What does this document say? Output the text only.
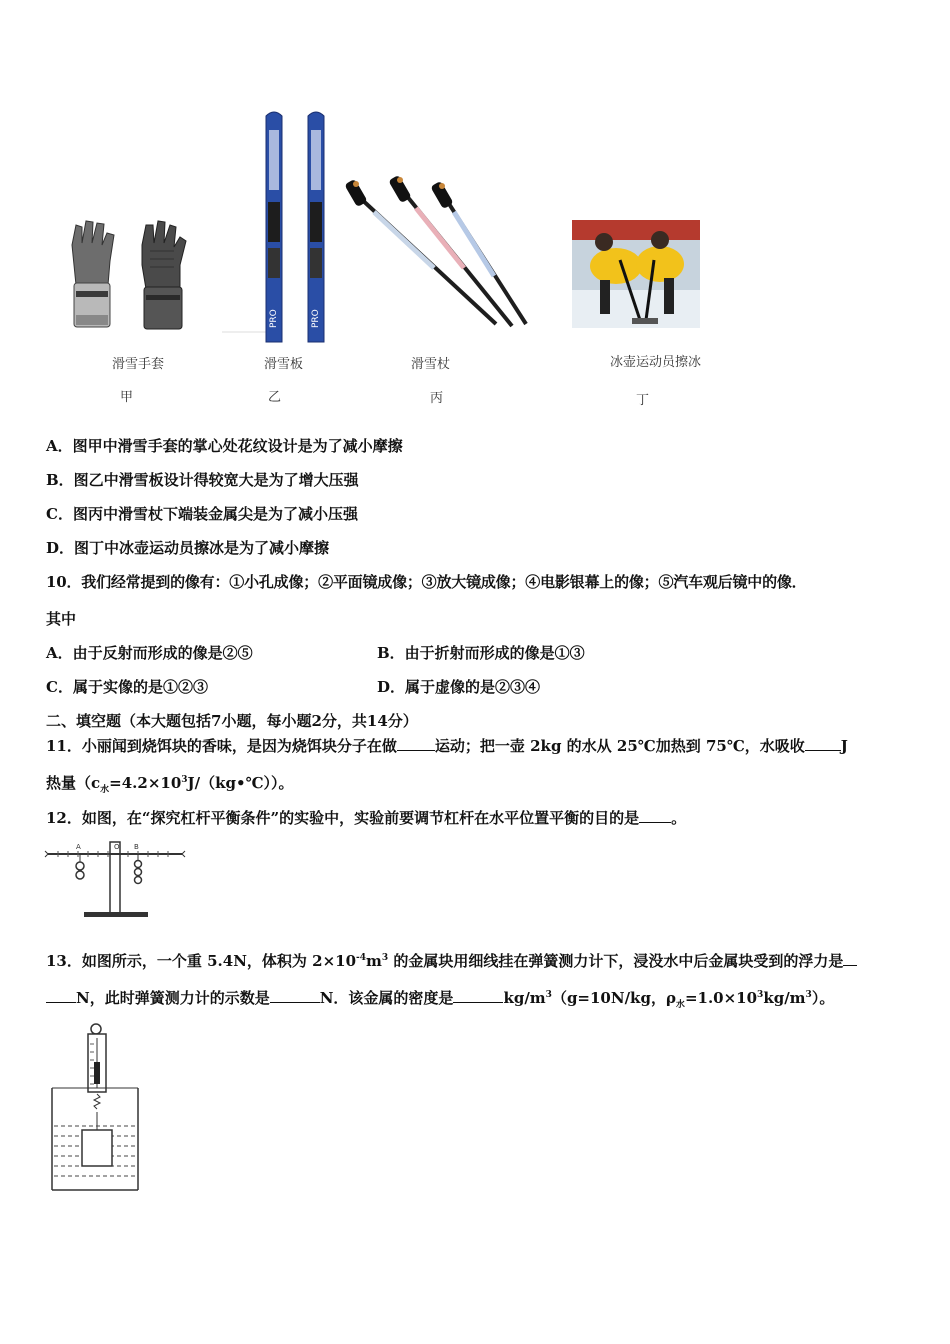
滑雪手套
甲
PRO	PRO
滑雪板
乙
滑雪杖
丙
冰壶运动员擦冰
丁
A．图甲中滑雪手套的掌心处花纹设计是为了减小摩擦
B．图乙中滑雪板设计得较宽大是为了增大压强
C．图丙中滑雪杖下端装金属尖是为了减小压强
D．图丁中冰壶运动员擦冰是为了减小摩擦
10．我们经常提到的像有：①小孔成像；②平面镜成像；③放大镜成像；④电影银幕上的像；⑤汽车观后镜中的像．
其中
A．由于反射而形成的像是②⑤	B．由于折射而形成的像是①③
C．属于实像的是①②③	D．属于虚像的是②③④
二、填空题（本大题包括7小题，每小题2分，共14分）
11．小丽闻到烧饵块的香味，是因为烧饵块分子在做	运动；把一壶 2kg 的水从 25℃加热到 75℃，水吸收 J
热量$(c_水=4.2\times 10^3J/(kg•℃))$。
12．如图，在“探究杠杆平衡条件”的实验中，实验前要调节杠杆在水平位置平衡的目的是 。
A	O B
13．如图所示，一个重 5.4N，体积为 $2\times 10^{-4}m^3$ 的金属块用细线挂在弹簧测力计下，浸没水中后金属块受到的浮力是
N，此时弹簧测力计的示数是	N．该金属的密度是	$kg/m^3(g=10N/kg$，$\rho_水=1.0\times 10^3kg/m^3$）。
